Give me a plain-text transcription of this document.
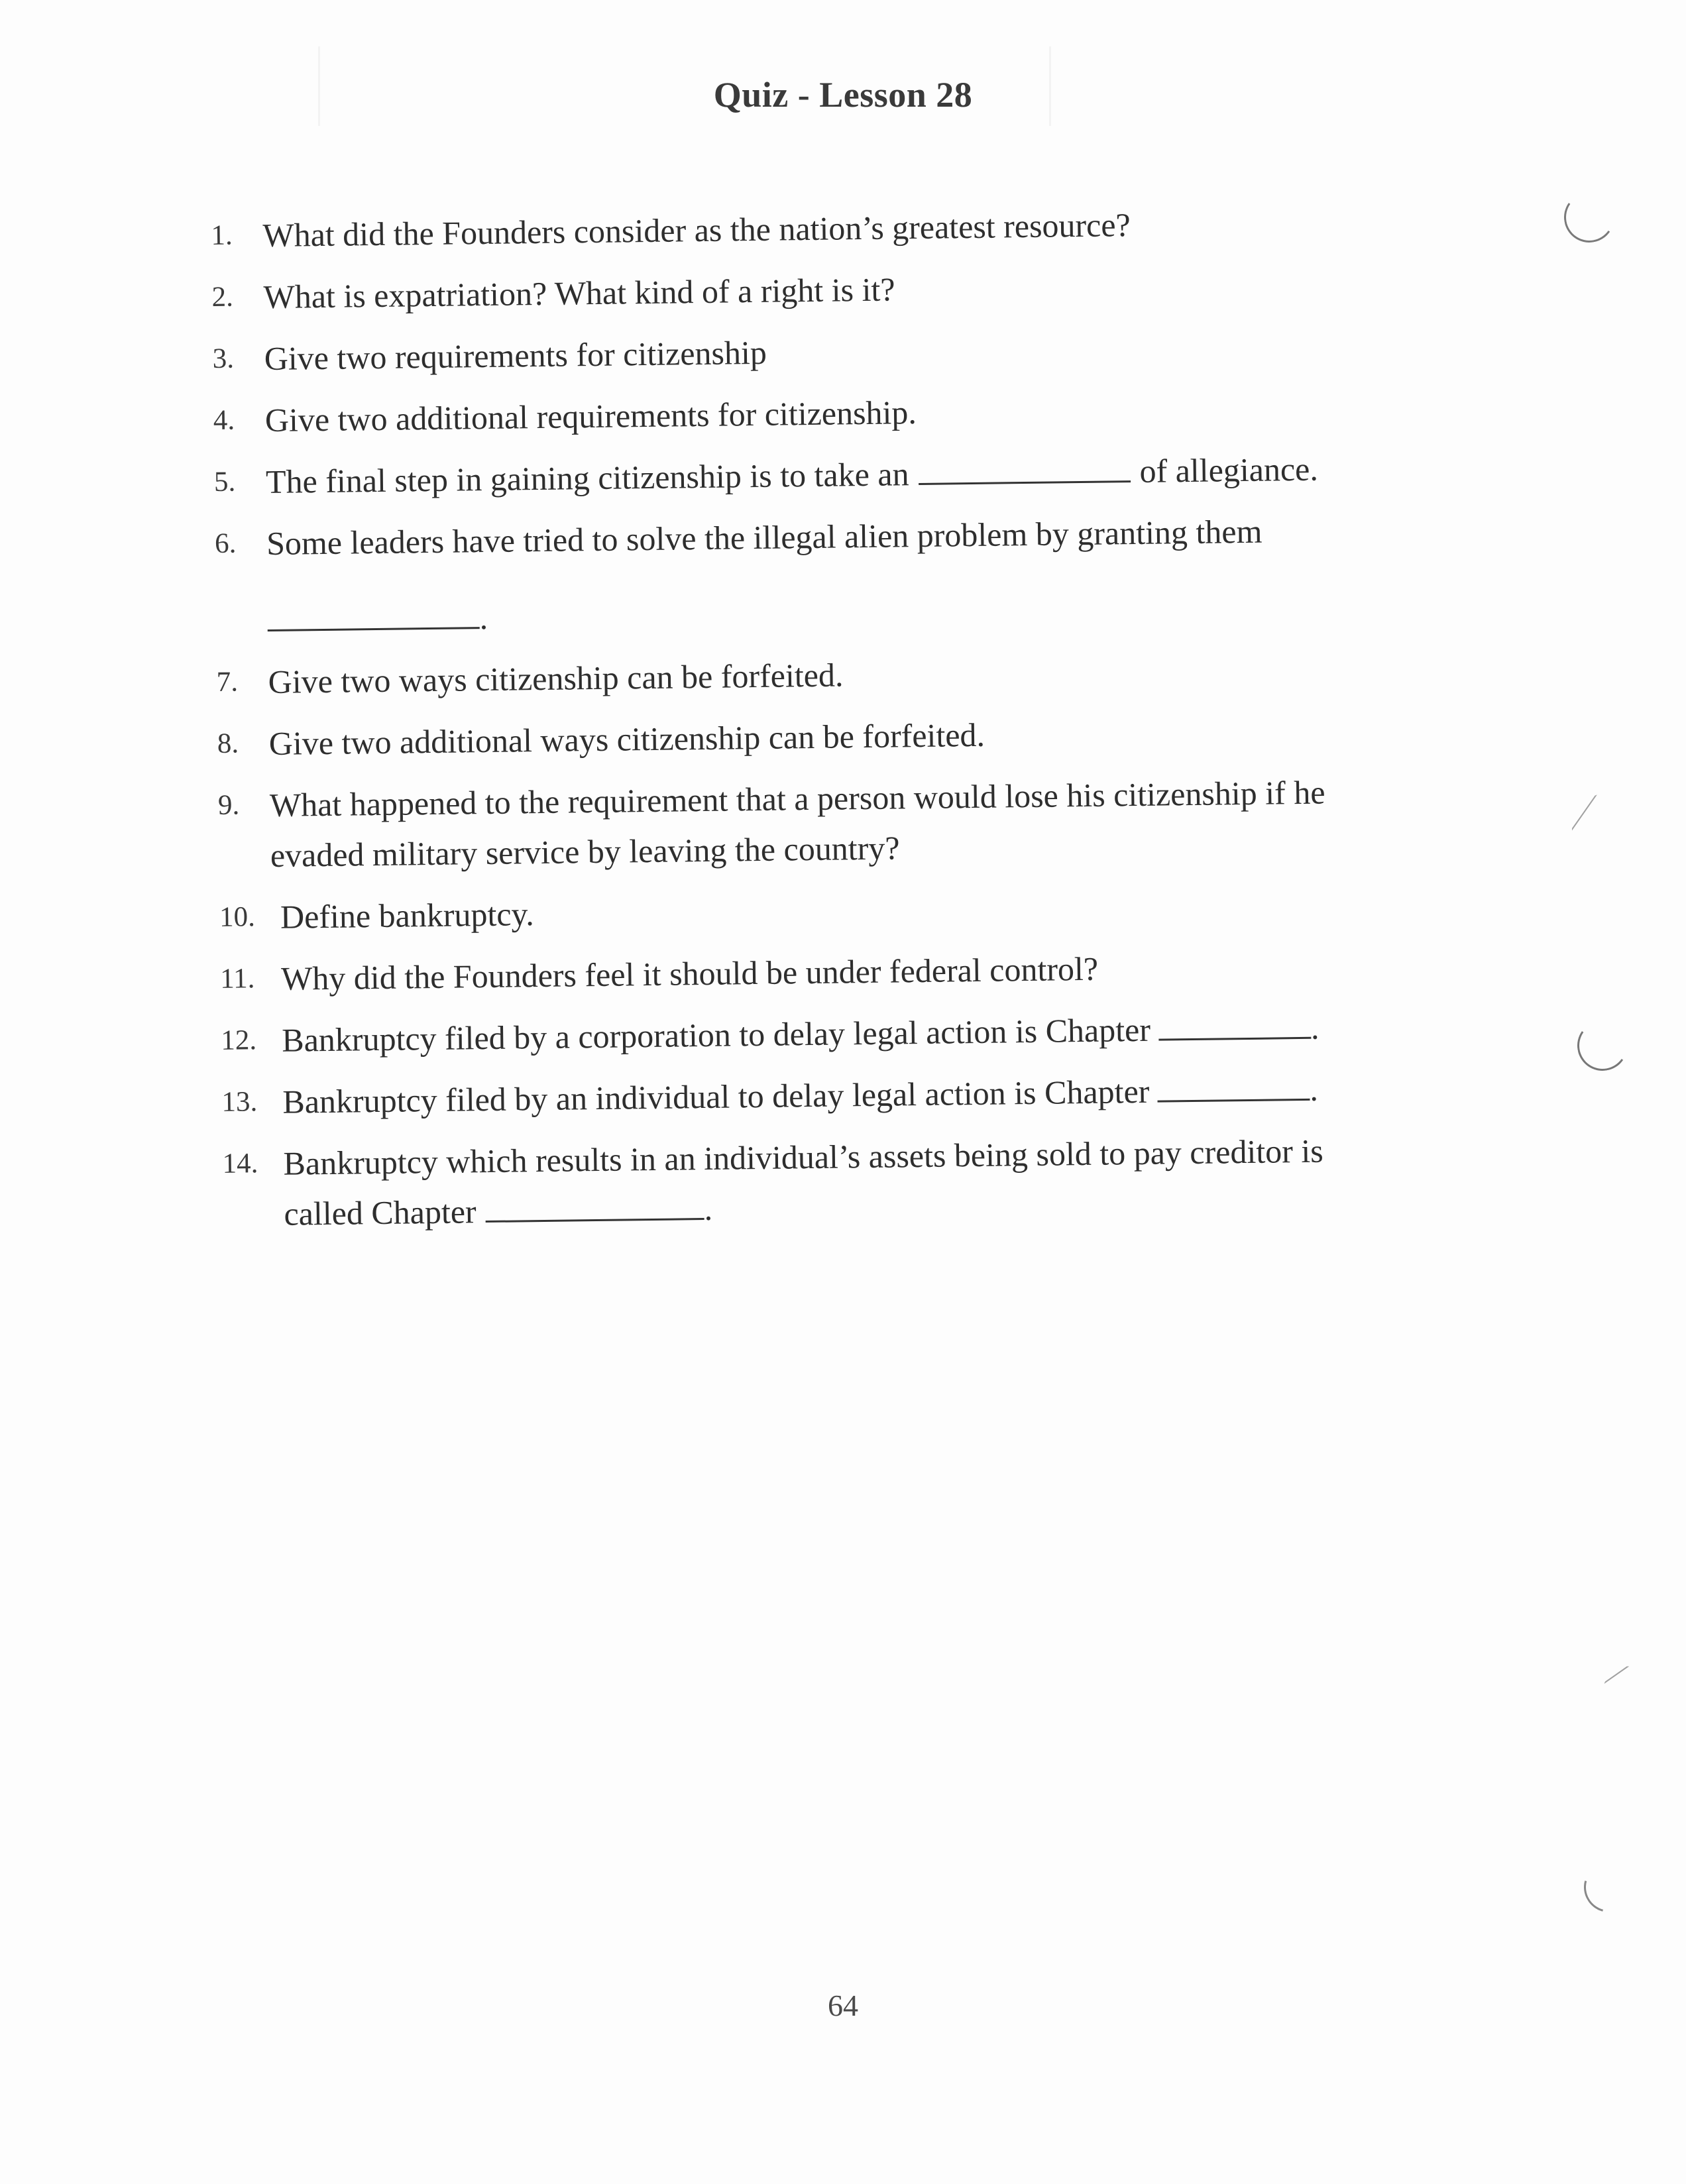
Quiz - Lesson 28
1. What did the Founders consider as the nation’s greatest resource?
2. What is expatriation? What kind of a right is it?
3. Give two requirements for citizenship
4. Give two additional requirements for citizenship.
5. The final step in gaining citizenship is to take an	of allegiance.
6. Some leaders have tried to solve the illegal alien problem by granting them
.
7. Give two ways citizenship can be forfeited.
8. Give two additional ways citizenship can be forfeited.
9. What happened to the requirement that a person would lose his citizenship if he
evaded military service by leaving the country?
10. Define bankruptcy.
11. Why did the Founders feel it should be under federal control?
12. Bankruptcy filed by a corporation to delay legal action is Chapter	.
13. Bankruptcy filed by an individual to delay legal action is Chapter	.
14. Bankruptcy which results in an individual’s assets being sold to pay creditor is
called Chapter	.
64
